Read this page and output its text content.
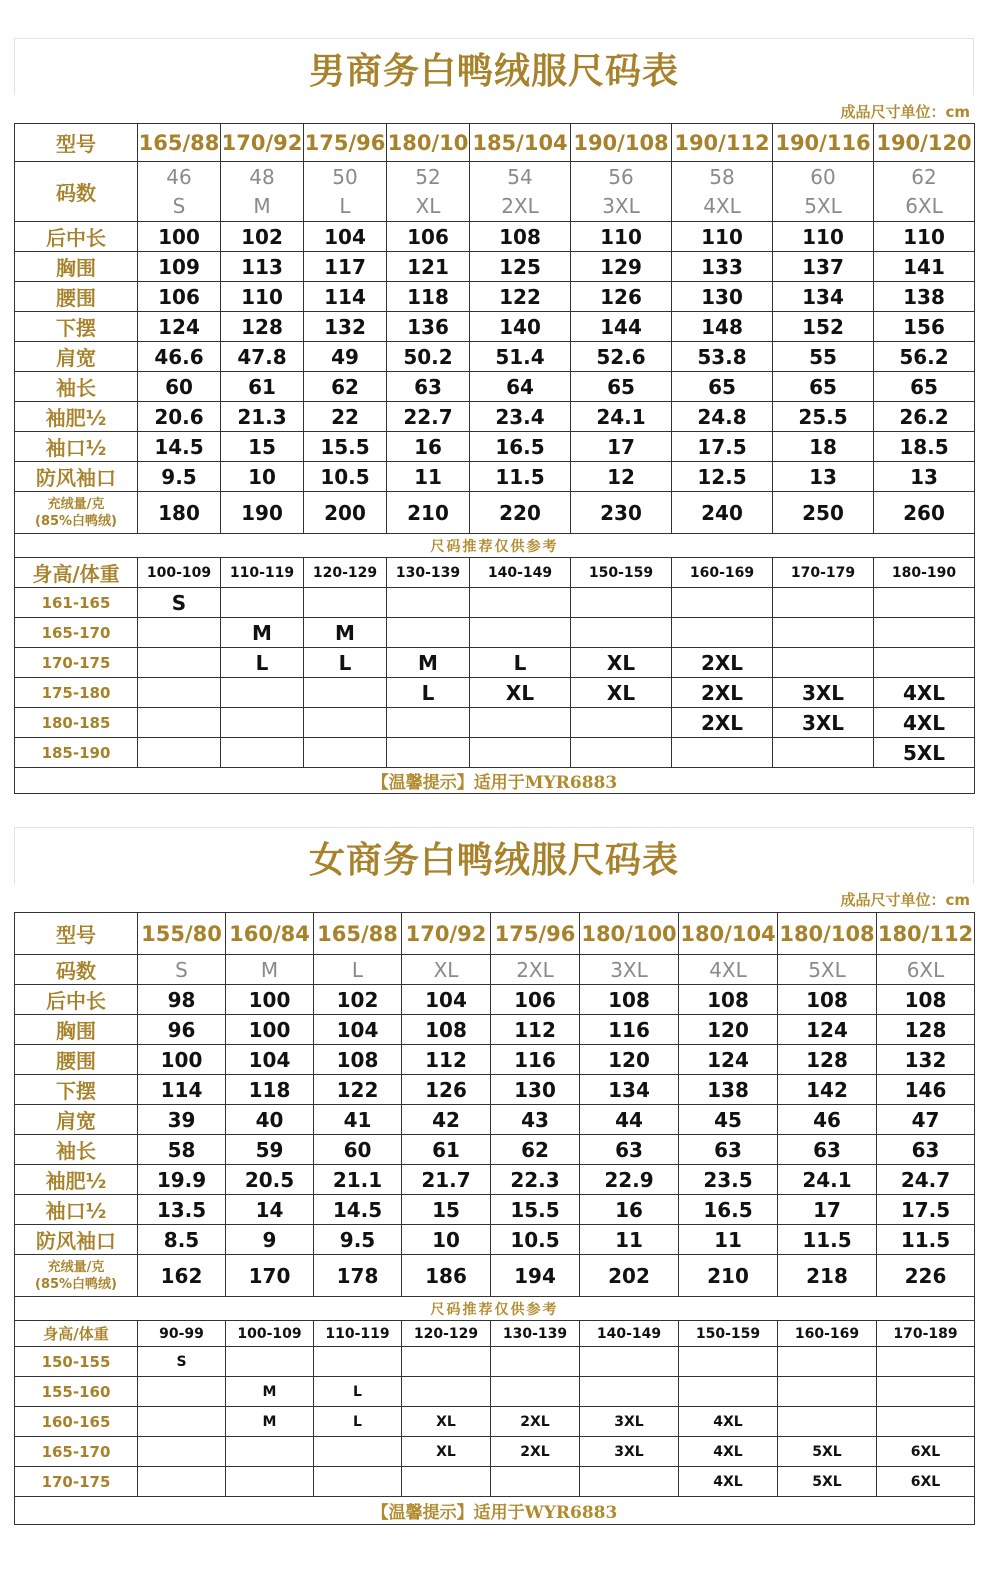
男商务白鸭绒服尺码表
成品尺寸单位：cm
型号	165/88	170/92	175/96	180/10	185/104	190/108	190/112	190/116	190/120
码数	46	48	50	52	54	56	58	60	62
	S	M	L	XL	2XL	3XL	4XL	5XL	6XL
后中长	100	102	104	106	108	110	110	110	110
胸围	109	113	117	121	125	129	133	137	141
腰围	106	110	114	118	122	126	130	134	138
下摆	124	128	132	136	140	144	148	152	156
肩宽	46.6	47.8	49	50.2	51.4	52.6	53.8	55	56.2
袖长	60	61	62	63	64	65	65	65	65
袖肥½	20.6	21.3	22	22.7	23.4	24.1	24.8	25.5	26.2
袖口½	14.5	15	15.5	16	16.5	17	17.5	18	18.5
防风袖口	9.5	10	10.5	11	11.5	12	12.5	13	13

充绒量/克
(85%白鸭绒)	180	190	200	210	220	230	240	250	260
尺码推荐仅供参考									
身高/体重	100-109	110-119	120-129	130-139	140-149	150-159	160-169	170-179	180-190
161-165	S								
165-170		M	M						
170-175		L	L	M	L	XL	2XL		
175-180				L	XL	XL	2XL	3XL	4XL
180-185							2XL	3XL	4XL
185-190									5XL
【温馨提示】适用于MYR6883									
女商务白鸭绒服尺码表
成品尺寸单位：cm
型号	155/80	160/84	165/88	170/92	175/96	180/100	180/104	180/108	180/112
码数	S	M	L	XL	2XL	3XL	4XL	5XL	6XL
后中长	98	100	102	104	106	108	108	108	108
胸围	96	100	104	108	112	116	120	124	128
腰围	100	104	108	112	116	120	124	128	132
下摆	114	118	122	126	130	134	138	142	146
肩宽	39	40	41	42	43	44	45	46	47
袖长	58	59	60	61	62	63	63	63	63
袖肥½	19.9	20.5	21.1	21.7	22.3	22.9	23.5	24.1	24.7
袖口½	13.5	14	14.5	15	15.5	16	16.5	17	17.5
防风袖口	8.5	9	9.5	10	10.5	11	11	11.5	11.5

充绒量/克
(85%白鸭绒)	162	170	178	186	194	202	210	218	226
尺码推荐仅供参考									
身高/体重	90-99	100-109	110-119	120-129	130-139	140-149	150-159	160-169	170-189
150-155	S								
155-160		M	L						
160-165		M	L	XL	2XL	3XL	4XL		
165-170				XL	2XL	3XL	4XL	5XL	6XL
170-175							4XL	5XL	6XL
【温馨提示】适用于WYR6883									
